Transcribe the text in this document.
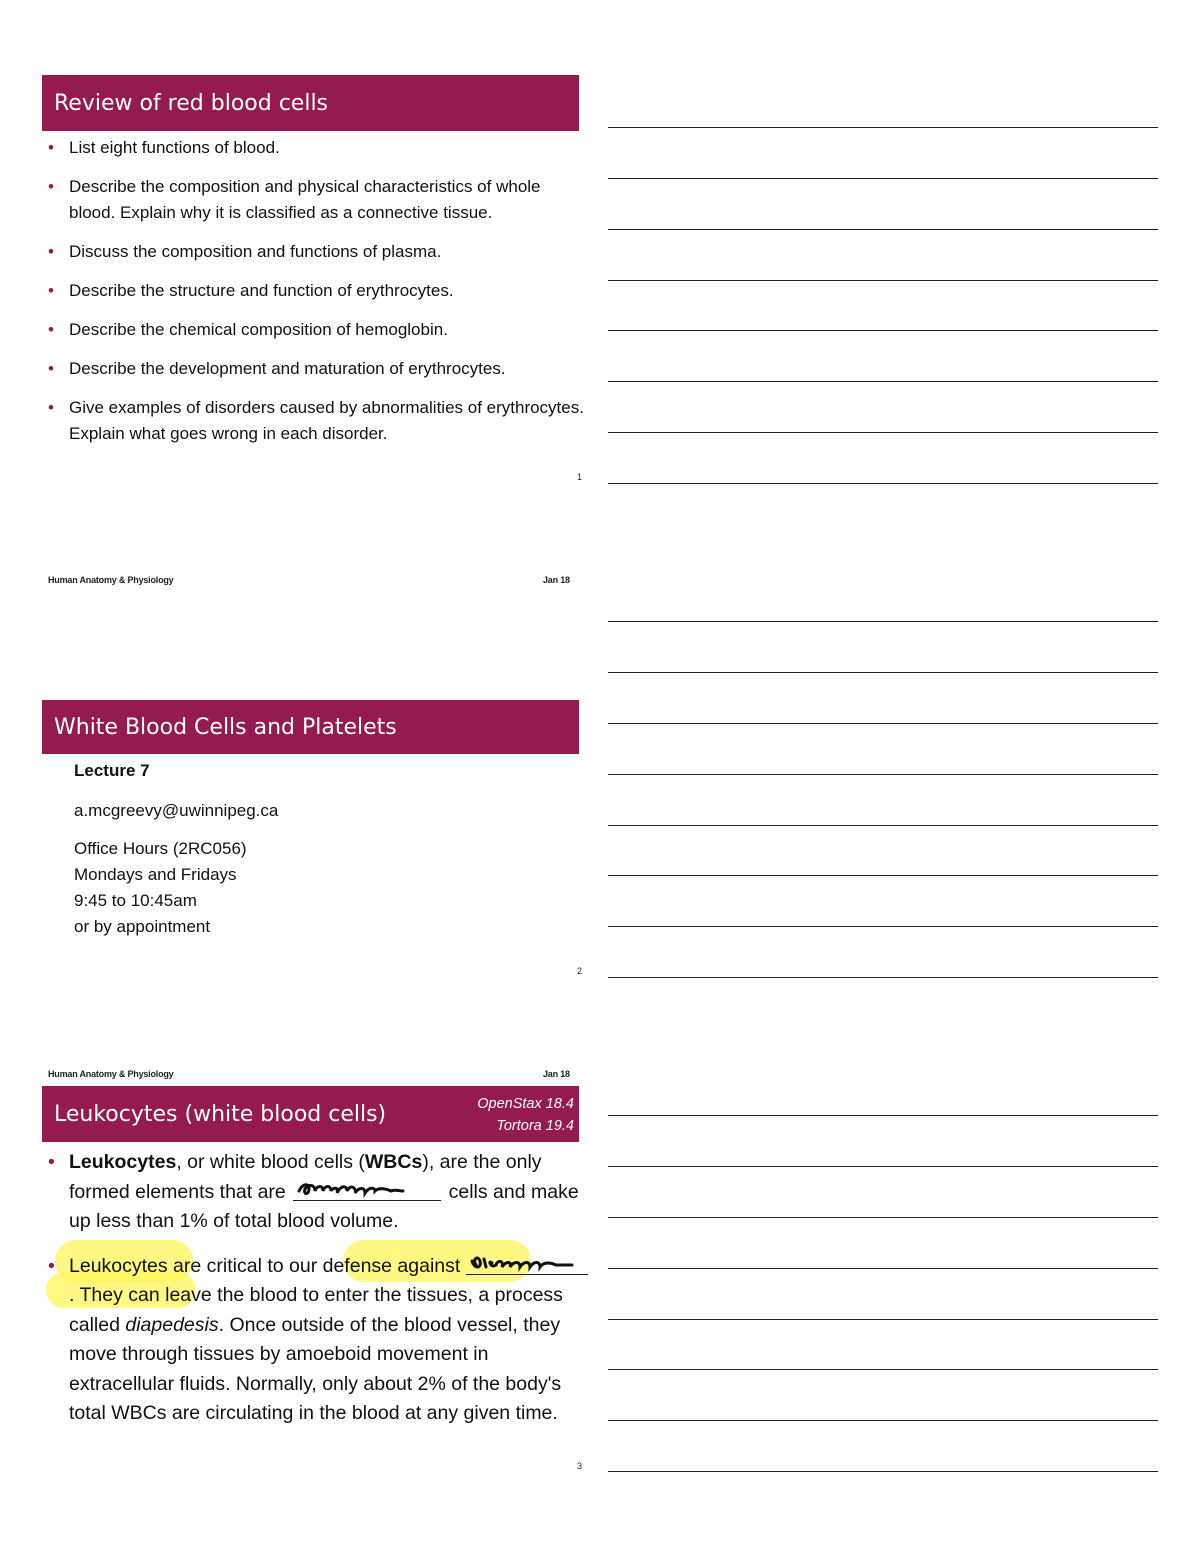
Review of red blood cells
• List eight functions of blood.
• Describe the composition and physical characteristics of whole blood. Explain why it is classified as a connective tissue.
• Discuss the composition and functions of plasma.
• Describe the structure and function of erythrocytes.
• Describe the chemical composition of hemoglobin.
• Describe the development and maturation of erythrocytes.
• Give examples of disorders caused by abnormalities of erythrocytes. Explain what goes wrong in each disorder.
1
Human Anatomy & Physiology	Jan 18
White Blood Cells and Platelets
Lecture 7
a.mcgreevy@uwinnipeg.ca
Office Hours (2RC056)
Mondays and Fridays
9:45 to 10:45am
or by appointment
2
Human Anatomy & Physiology	Jan 18
Leukocytes (white blood cells)	OpenStax 18.4
Tortora 19.4
• Leukocytes, or white blood cells (WBCs), are the only formed elements that are	cells and make up less than 1% of total blood volume.
• Leukocytes are critical to our defense against
. They can leave the blood to enter the tissues, a process called diapedesis. Once outside of the blood vessel, they move through tissues by amoeboid movement in extracellular fluids. Normally, only about 2% of the body's total WBCs are circulating in the blood at any given time.
3
